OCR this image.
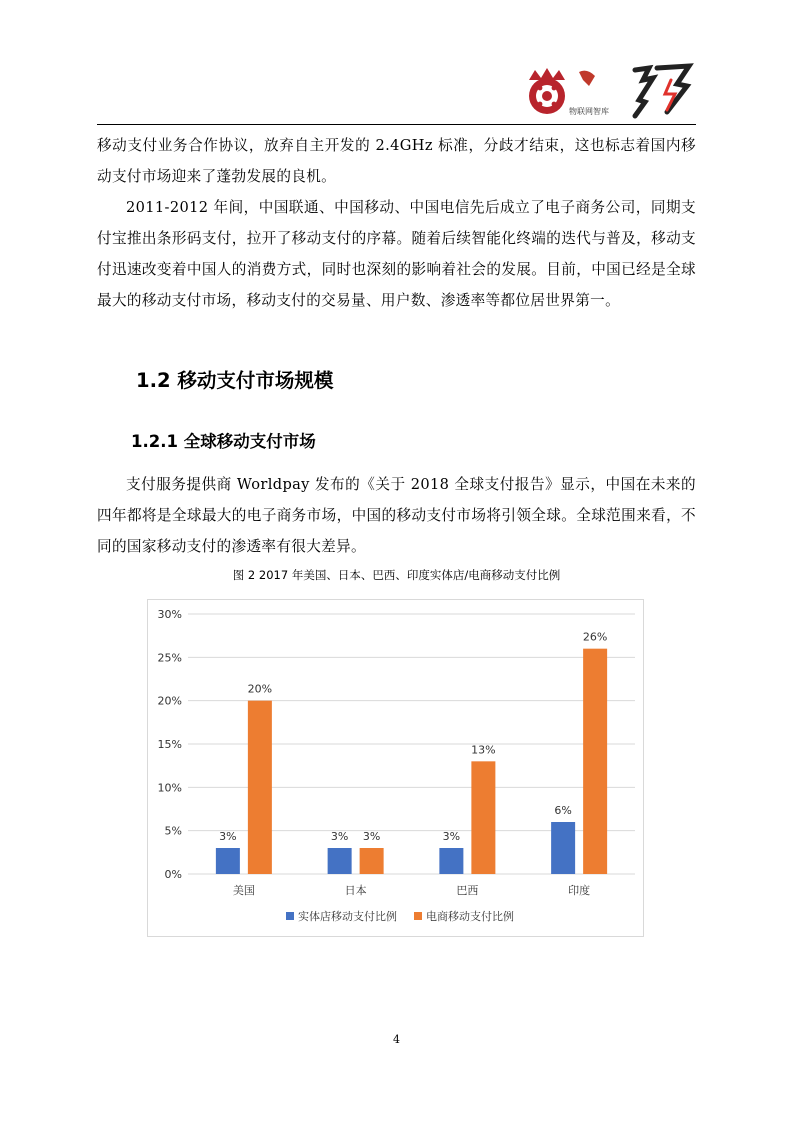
物联网智库
移动支付业务合作协议，放弃自主开发的 2.4GHz 标准，分歧才结束，这也标志着国内移动支付市场迎来了蓬勃发展的良机。
2011-2012 年间，中国联通、中国移动、中国电信先后成立了电子商务公司，同期支付宝推出条形码支付，拉开了移动支付的序幕。随着后续智能化终端的迭代与普及，移动支付迅速改变着中国人的消费方式，同时也深刻的影响着社会的发展。目前，中国已经是全球最大的移动支付市场，移动支付的交易量、用户数、渗透率等都位居世界第一。
1.2 移动支付市场规模
1.2.1 全球移动支付市场
支付服务提供商 Worldpay 发布的《关于 2018 全球支付报告》显示，中国在未来的四年都将是全球最大的电子商务市场，中国的移动支付市场将引领全球。全球范围来看，不同的国家移动支付的渗透率有很大差异。
图 2 2017 年美国、日本、巴西、印度实体店/电商移动支付比例
0%
5%
10%
15%
20%
25%
30%
3%
20%
美国
3% 3%
日本
3%
13%
巴西
6%
26%
印度
实体店移动支付比例	电商移动支付比例
4
